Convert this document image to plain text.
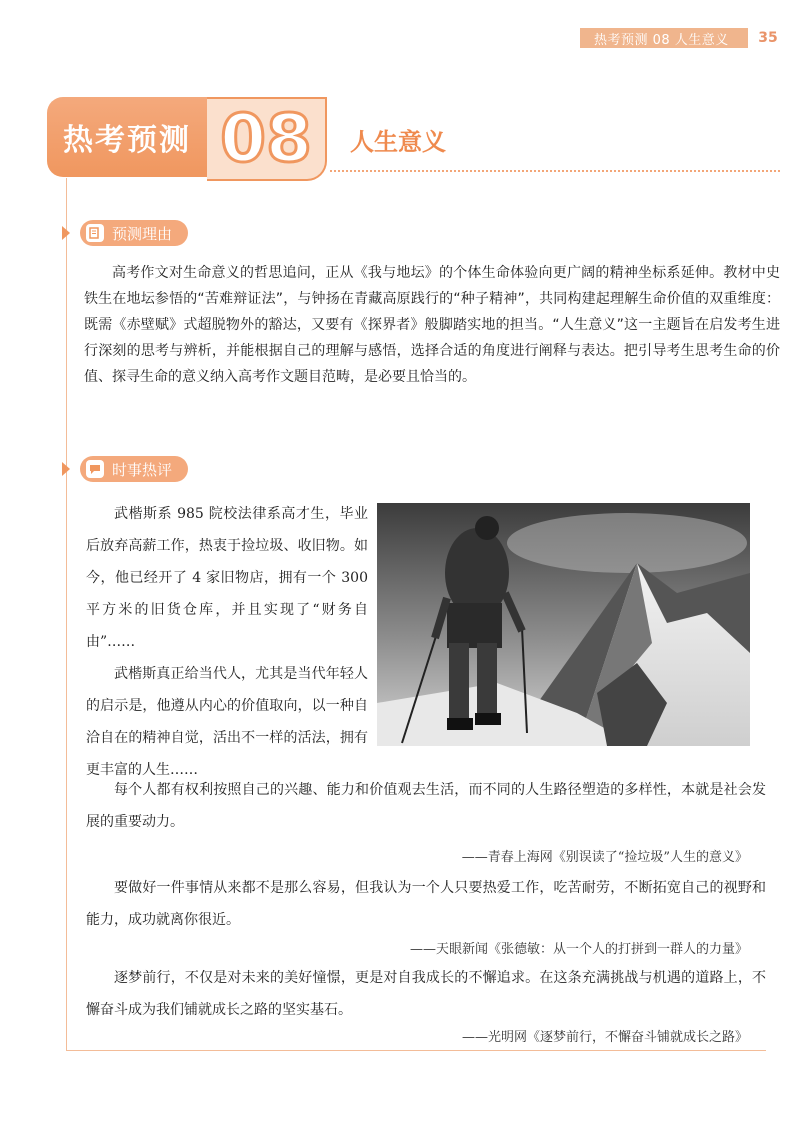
热考预测 08 人生意义	35
热考预测 08 人生意义
预测理由

高考作文对生命意义的哲思追问，正从《我与地坛》的个体生命体验向更广阔的精神坐标系延伸。教材中史铁生在地坛参悟的“苦难辩证法”，与钟扬在青藏高原践行的“种子精神”，共同构建起理解生命价值的双重维度：既需《赤壁赋》式超脱物外的豁达，又要有《探界者》般脚踏实地的担当。“人生意义”这一主题旨在启发考生进行深刻的思考与辨析，并能根据自己的理解与感悟，选择合适的角度进行阐释与表达。把引导考生思考生命的价值、探寻生命的意义纳入高考作文题目范畴，是必要且恰当的。

时事热评

武楷斯系 985 院校法律系高才生，毕业后放弃高薪工作，热衷于捡垃圾、收旧物。如今，他已经开了 4 家旧物店，拥有一个 300 平方米的旧货仓库，并且实现了“财务自由”……

武楷斯真正给当代人，尤其是当代年轻人的启示是，他遵从内心的价值取向，以一种自洽自在的精神自觉，活出不一样的活法，拥有更丰富的人生……

每个人都有权利按照自己的兴趣、能力和价值观去生活，而不同的人生路径塑造的多样性，本就是社会发展的重要动力。

——青春上海网《别误读了“捡垃圾”人生的意义》

要做好一件事情从来都不是那么容易，但我认为一个人只要热爱工作，吃苦耐劳，不断拓宽自己的视野和能力，成功就离你很近。

——天眼新闻《张德敏：从一个人的打拼到一群人的力量》

逐梦前行，不仅是对未来的美好憧憬，更是对自我成长的不懈追求。在这条充满挑战与机遇的道路上，不懈奋斗成为我们铺就成长之路的坚实基石。

——光明网《逐梦前行，不懈奋斗铺就成长之路》
